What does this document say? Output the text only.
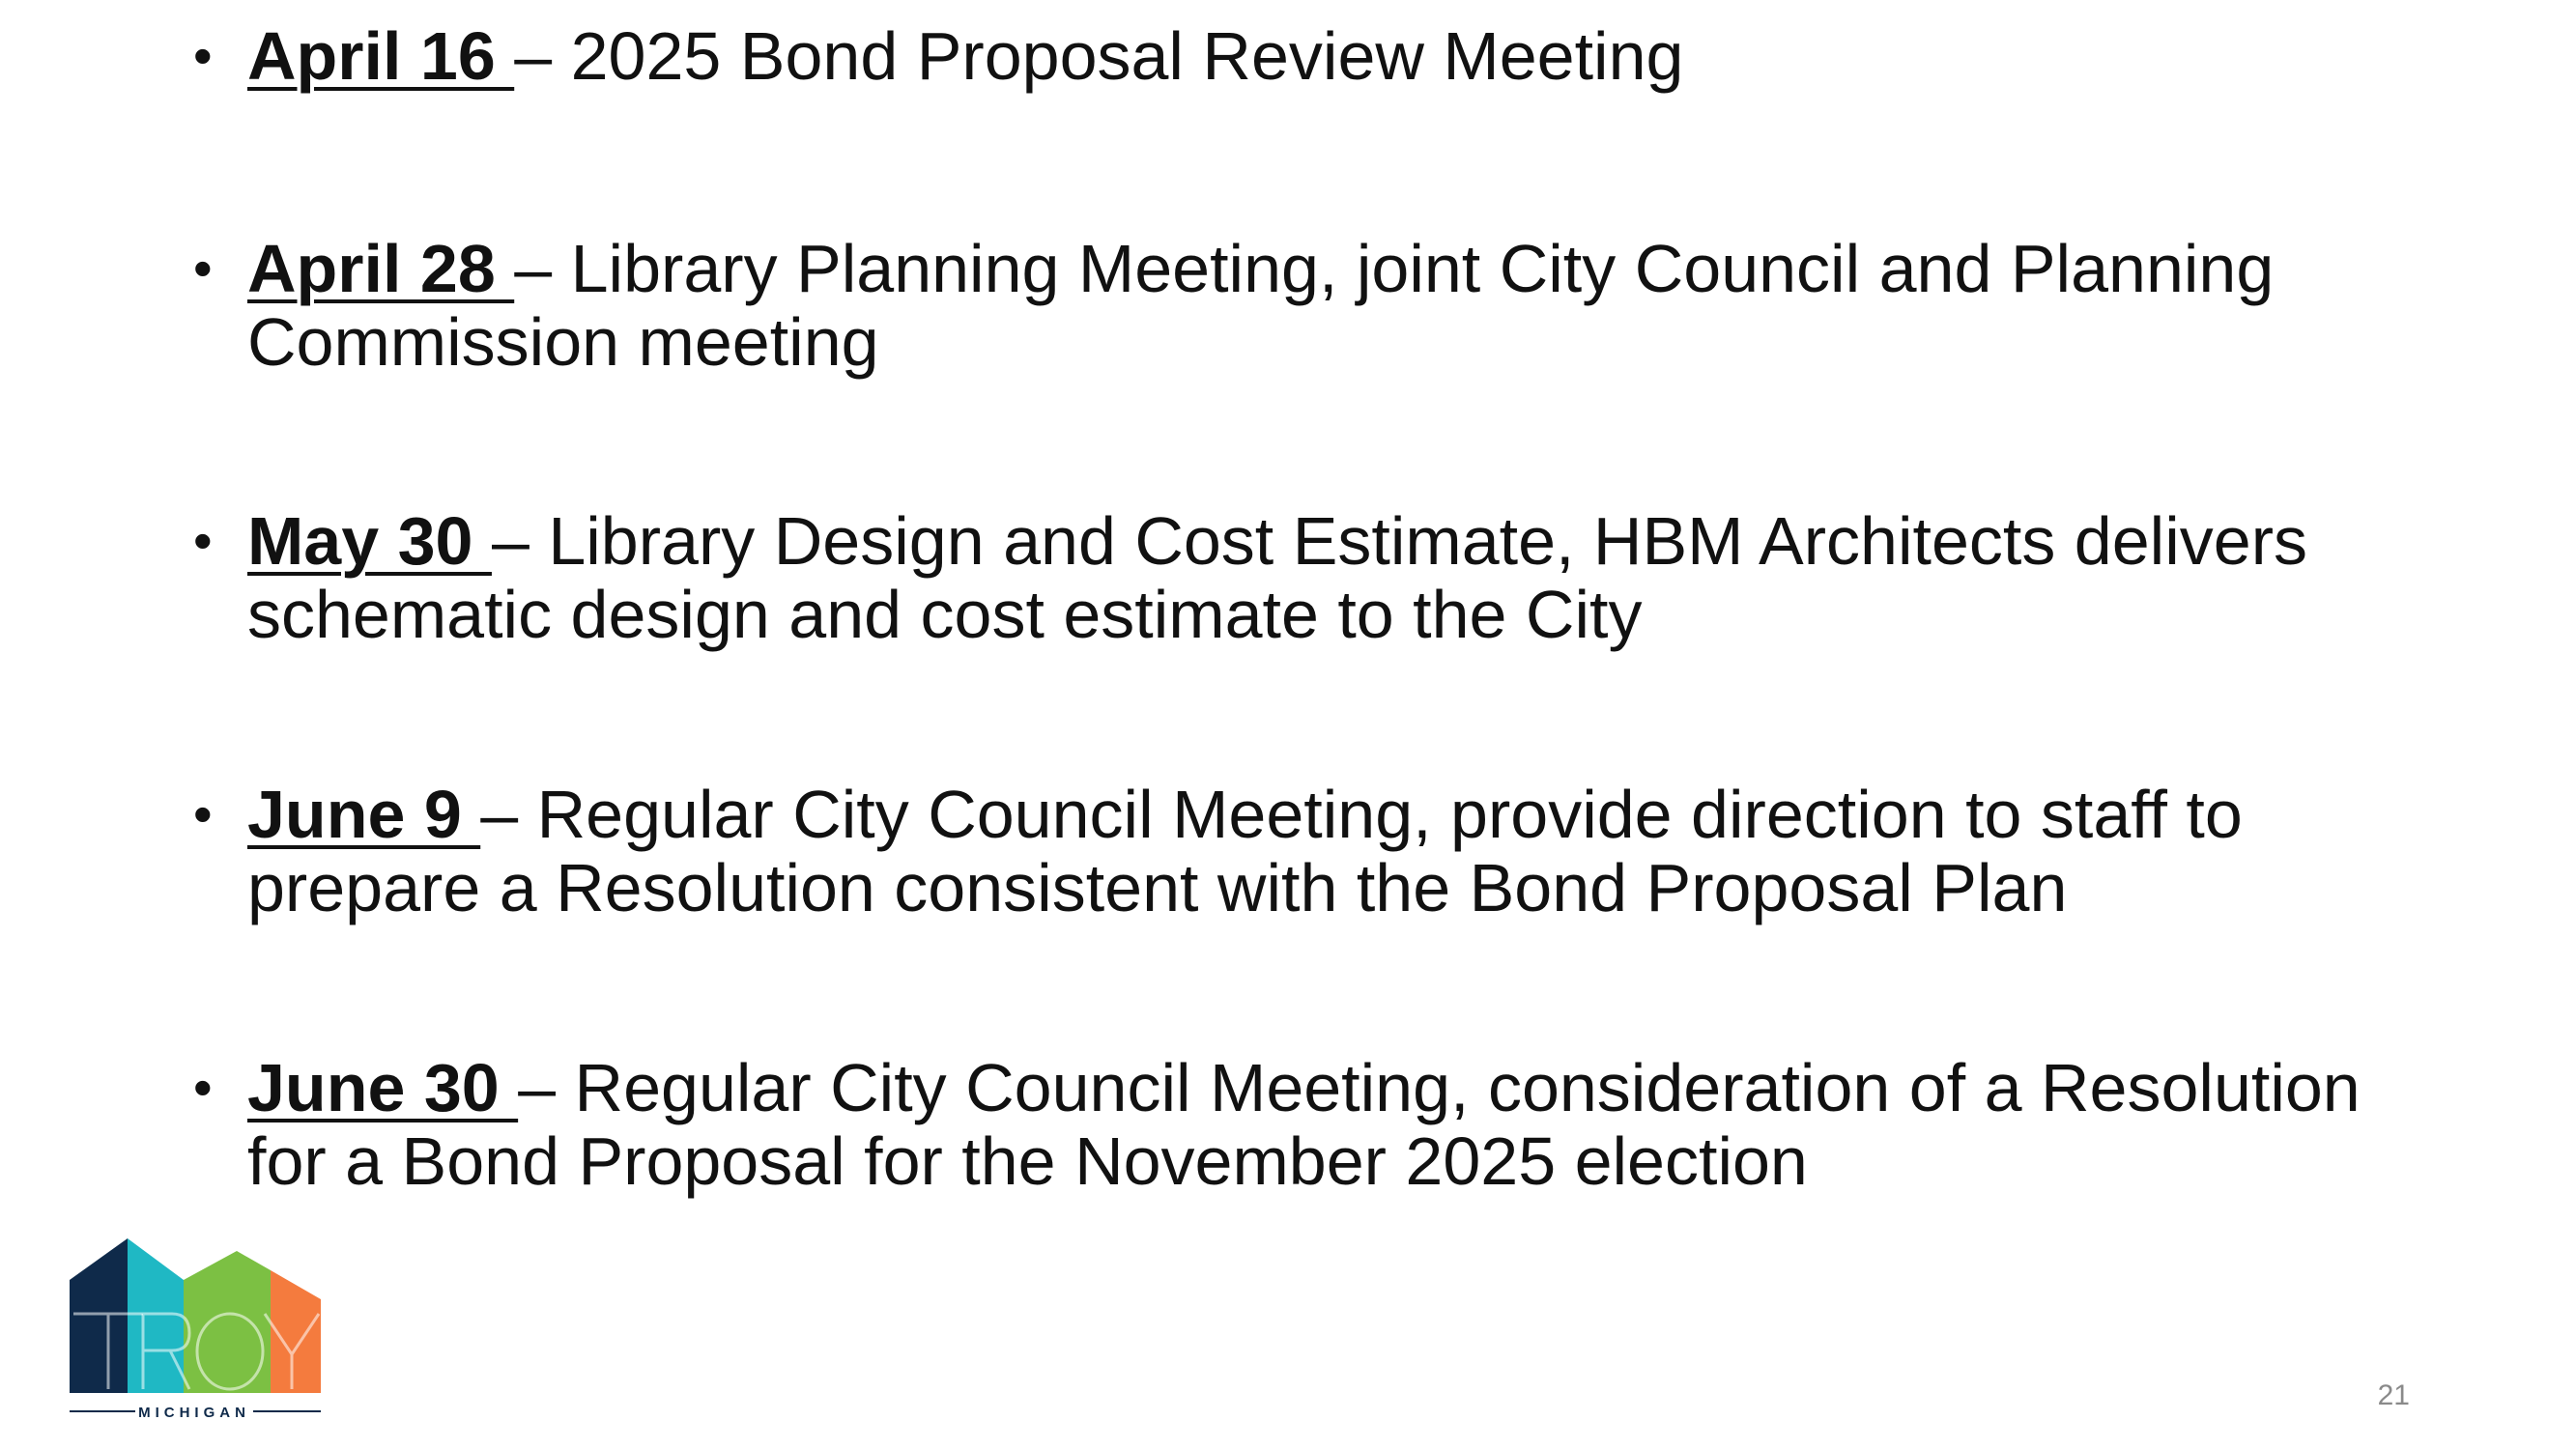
• April 16 – 2025 Bond Proposal Review Meeting
• April 28 – Library Planning Meeting, joint City Council and Planning Commission meeting
• May 30 – Library Design and Cost Estimate, HBM Architects delivers schematic design and cost estimate to the City
• June 9 – Regular City Council Meeting, provide direction to staff to prepare a Resolution consistent with the Bond Proposal Plan
• June 30 – Regular City Council Meeting, consideration of a Resolution for a Bond Proposal for the November 2025 election
MICHIGAN
21
